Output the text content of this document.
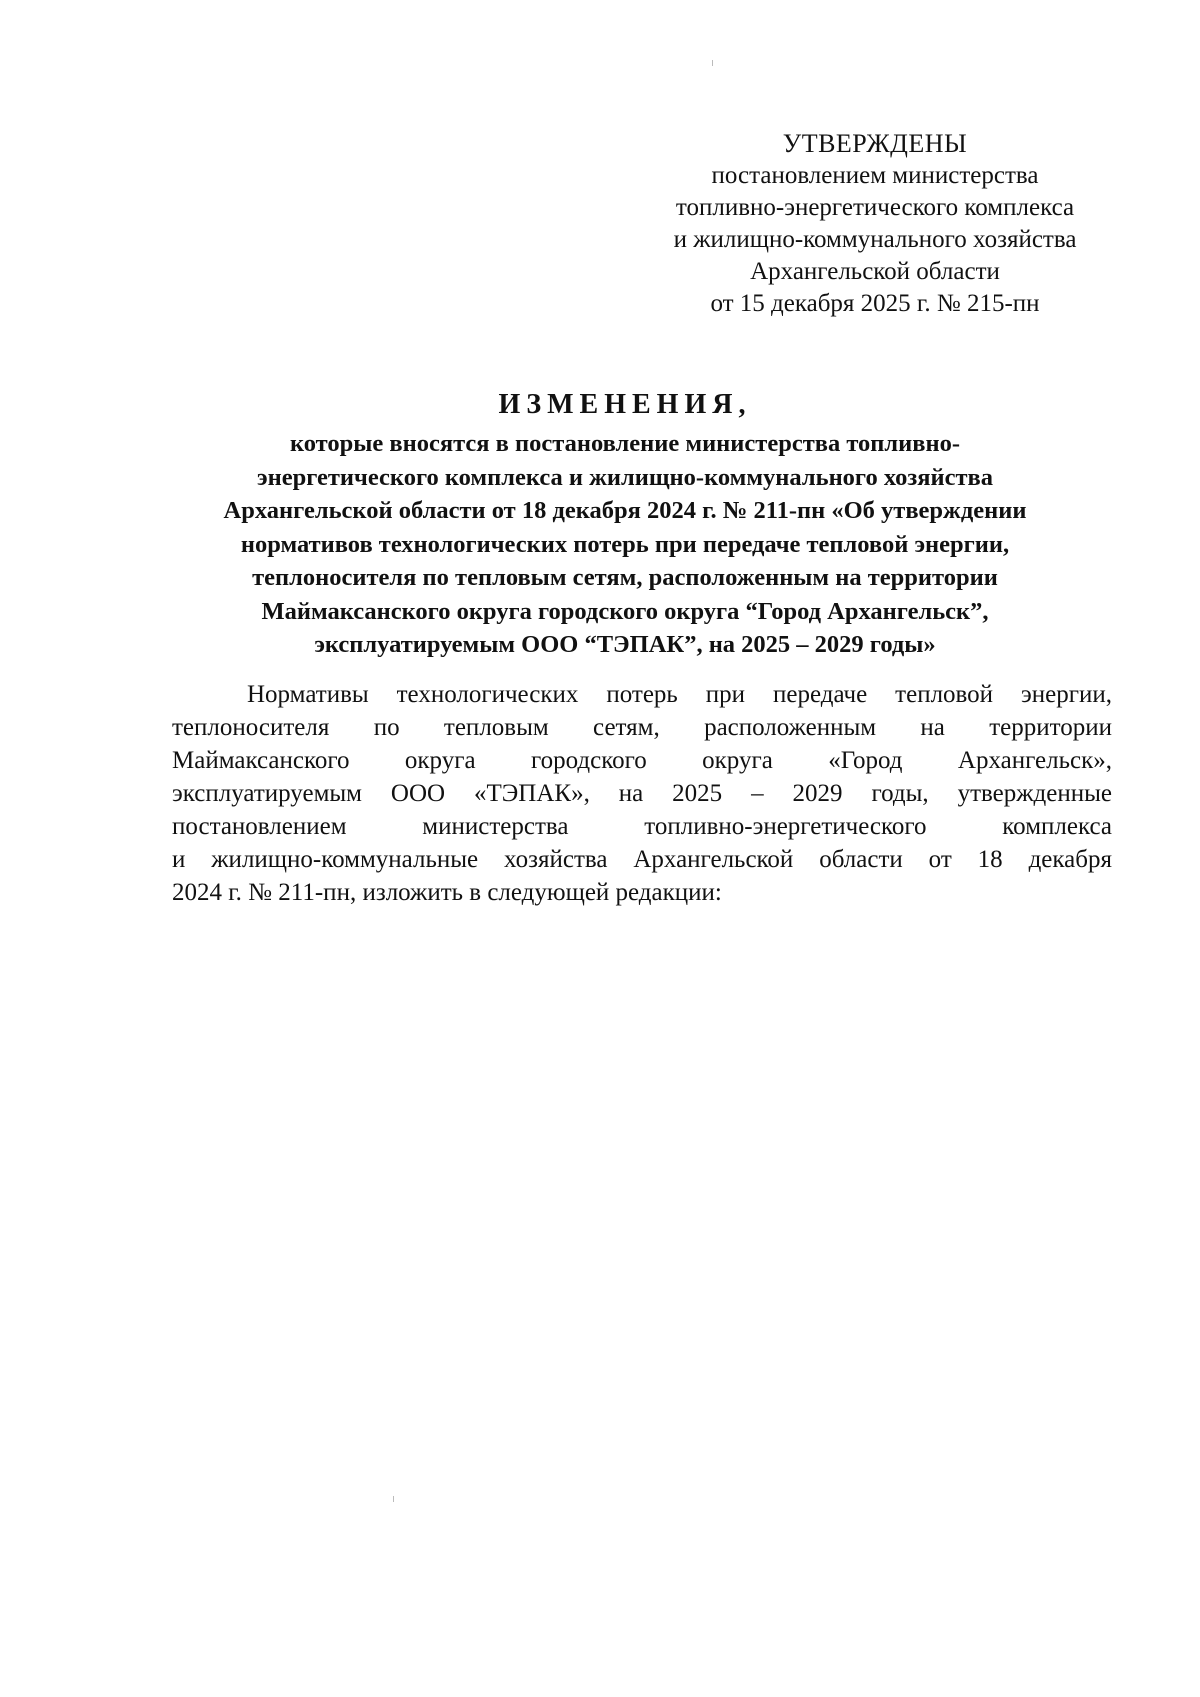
УТВЕРЖДЕНЫ
постановлением министерства
топливно-энергетического комплекса
и жилищно-коммунального хозяйства
Архангельской области
от 15 декабря 2025 г. № 215-пн
ИЗМЕНЕНИЯ,
которые вносятся в постановление министерства топливно-
энергетического комплекса и жилищно-коммунального хозяйства
Архангельской области от 18 декабря 2024 г. № 211-пн «Об утверждении
нормативов технологических потерь при передаче тепловой энергии,
теплоносителя по тепловым сетям, расположенным на территории
Маймаксанского округа городского округа “Город Архангельск”,
эксплуатируемым ООО “ТЭПАК”, на 2025 – 2029 годы»
Нормативы технологических потерь при передаче тепловой энергии,
теплоносителя по тепловым сетям, расположенным на территории
Маймаксанского округа городского округа «Город Архангельск»,
эксплуатируемым ООО «ТЭПАК», на 2025 – 2029 годы, утвержденные
постановлением министерства топливно-энергетического комплекса
и жилищно-коммунальные хозяйства Архангельской области от 18 декабря
2024 г. № 211-пн, изложить в следующей редакции:
